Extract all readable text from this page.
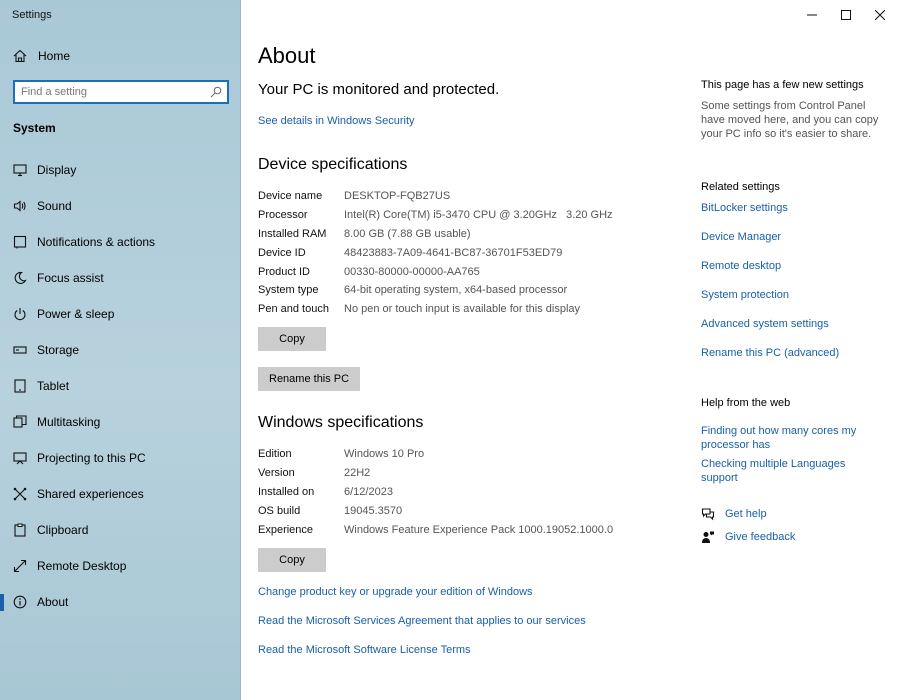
Settings
Home
Find a setting
System
Display
Sound
Notifications & actions
Focus assist
Power & sleep
Storage
Tablet
Multitasking
Projecting to this PC
Shared experiences
Clipboard
Remote Desktop
About
About
Your PC is monitored and protected.
See details in Windows Security
Device specifications
Device name	DESKTOP-FQB27US
Processor	Intel(R) Core(TM) i5-3470 CPU @ 3.20GHz   3.20 GHz
Installed RAM	8.00 GB (7.88 GB usable)
Device ID	48423883-7A09-4641-BC87-36701F53ED79
Product ID	00330-80000-00000-AA765
System type	64-bit operating system, x64-based processor
Pen and touch	No pen or touch input is available for this display
Copy
Rename this PC
Windows specifications
Edition	Windows 10 Pro
Version	22H2
Installed on	6/12/2023
OS build	19045.3570
Experience	Windows Feature Experience Pack 1000.19052.1000.0
Copy
Change product key or upgrade your edition of Windows
Read the Microsoft Services Agreement that applies to our services
Read the Microsoft Software License Terms
This page has a few new settings
Some settings from Control Panel have moved here, and you can copy your PC info so it's easier to share.
Related settings
BitLocker settings
Device Manager
Remote desktop
System protection
Advanced system settings
Rename this PC (advanced)
Help from the web
Finding out how many cores my processor has
Checking multiple Languages support
Get help
Give feedback
